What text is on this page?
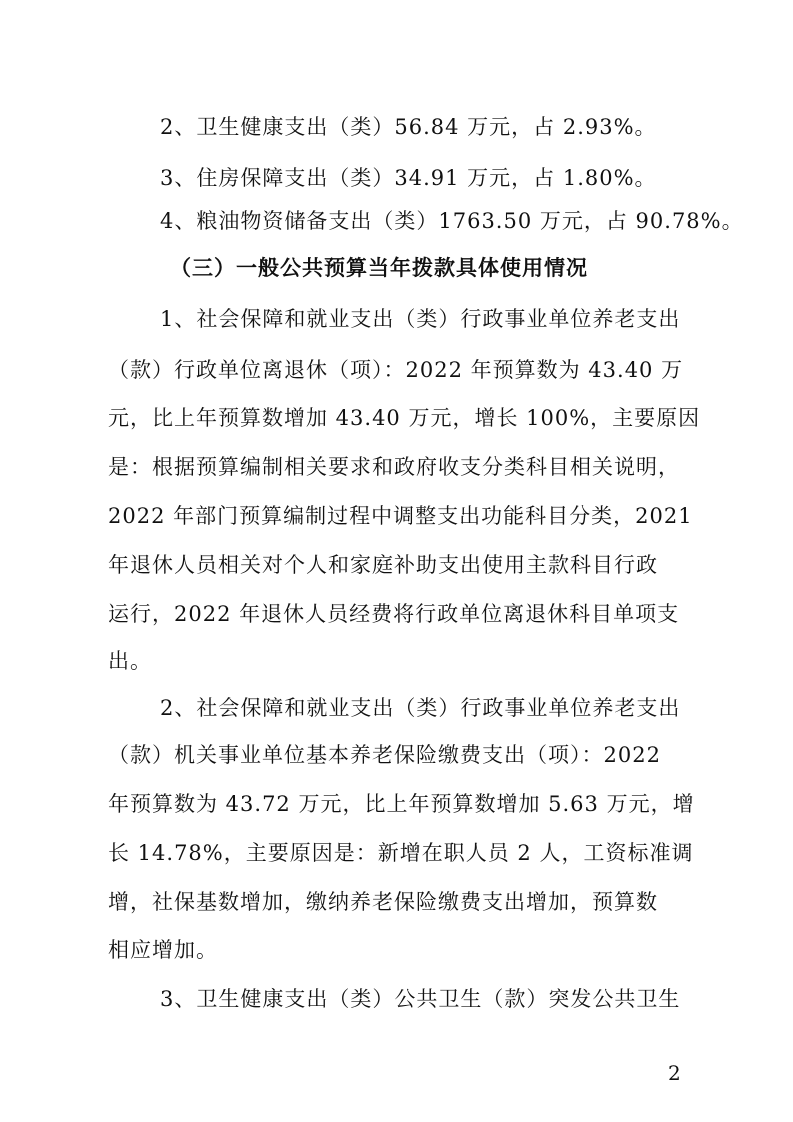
2、卫生健康支出（类）56.84 万元，占 2.93%。
3、住房保障支出（类）34.91 万元，占 1.80%。
4、粮油物资储备支出（类）1763.50 万元，占 90.78%。
（三）一般公共预算当年拨款具体使用情况
1、社会保障和就业支出（类）行政事业单位养老支出
（款）行政单位离退休（项）：2022 年预算数为 43.40 万
元，比上年预算数增加 43.40 万元，增长 100%，主要原因
是：根据预算编制相关要求和政府收支分类科目相关说明，
2022 年部门预算编制过程中调整支出功能科目分类，2021
年退休人员相关对个人和家庭补助支出使用主款科目行政
运行，2022 年退休人员经费将行政单位离退休科目单项支
出。
2、社会保障和就业支出（类）行政事业单位养老支出
（款）机关事业单位基本养老保险缴费支出（项）：2022
年预算数为 43.72 万元，比上年预算数增加 5.63 万元，增
长 14.78%，主要原因是：新增在职人员 2 人，工资标准调
增，社保基数增加，缴纳养老保险缴费支出增加，预算数
相应增加。
3、卫生健康支出（类）公共卫生（款）突发公共卫生
2
